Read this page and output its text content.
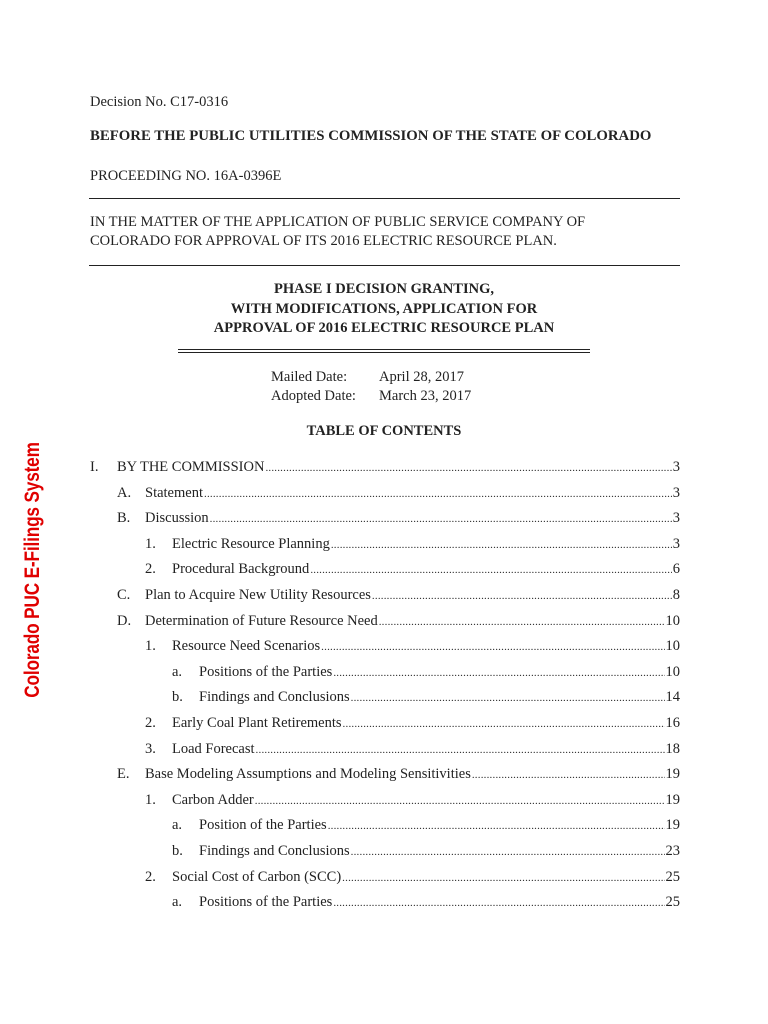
Colorado PUC E-Filings System
Decision No. C17-0316
BEFORE THE PUBLIC UTILITIES COMMISSION OF THE STATE OF COLORADO
PROCEEDING NO. 16A-0396E
IN THE MATTER OF THE APPLICATION OF PUBLIC SERVICE COMPANY OF
COLORADO FOR APPROVAL OF ITS 2016 ELECTRIC RESOURCE PLAN.
PHASE I DECISION GRANTING,
WITH MODIFICATIONS, APPLICATION FOR
APPROVAL OF 2016 ELECTRIC RESOURCE PLAN
Mailed Date:	April 28, 2017
Adopted Date:	March 23, 2017
TABLE OF CONTENTS
I.	BY THE COMMISSION .....	3
A. Statement .....	3
B.	Discussion .....	3
1.	Electric Resource Planning .....	3
2.	Procedural Background .....	6
C.	Plan to Acquire New Utility Resources .....	8
D. Determination of Future Resource Need .....	10
1.	Resource Need Scenarios .....	10
a.	Positions of the Parties .....	10
b.	Findings and Conclusions .....	14
2.	Early Coal Plant Retirements .....	16
3.	Load Forecast .....	18
E.	Base Modeling Assumptions and Modeling Sensitivities .....	19
1.	Carbon Adder .....	19
a.	Position of the Parties .....	19
b.	Findings and Conclusions .....	23
2.	Social Cost of Carbon (SCC) .....	25
a.	Positions of the Parties .....	25
